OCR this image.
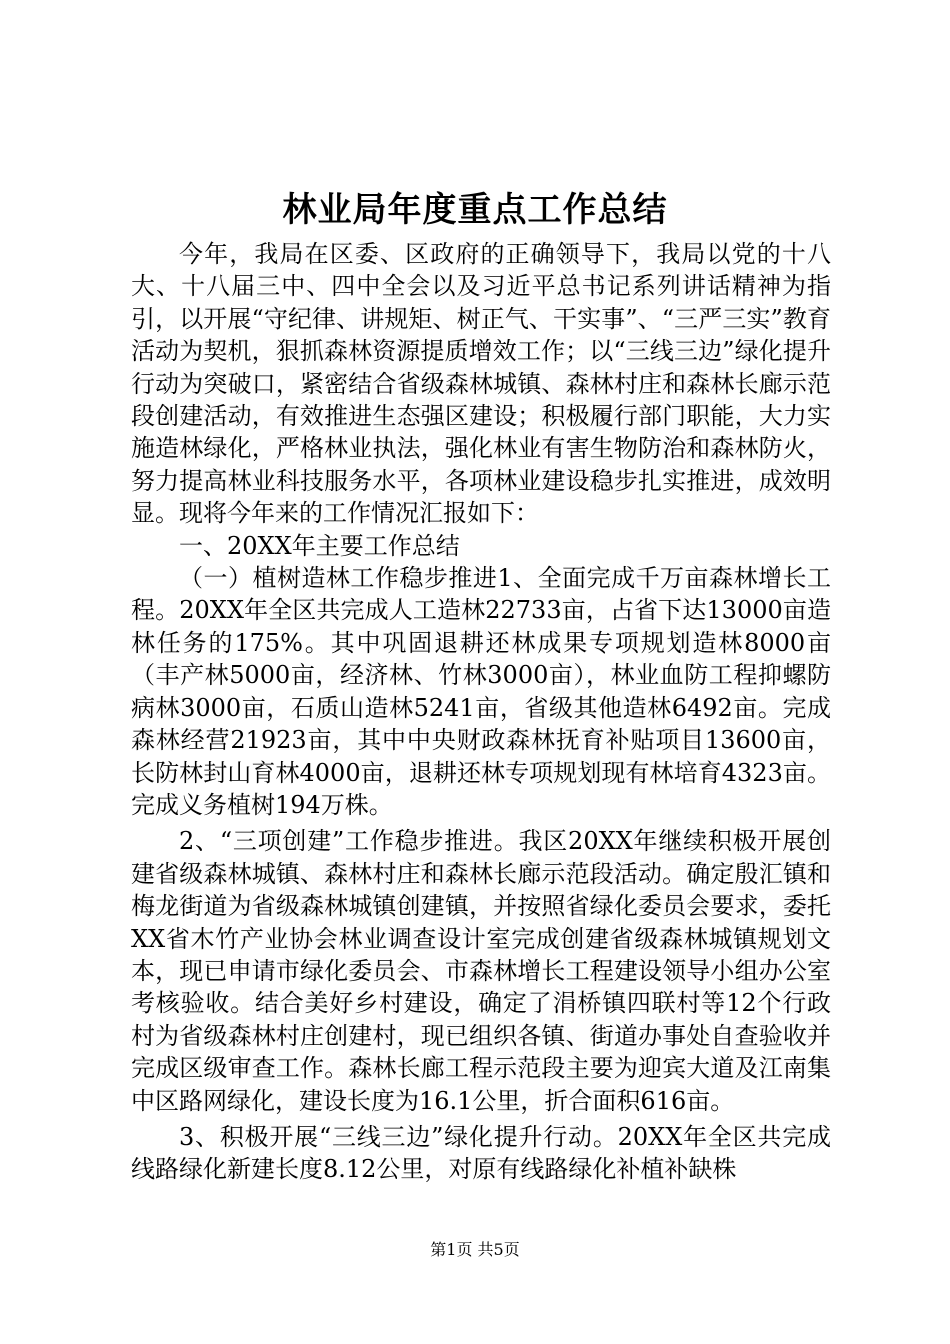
林业局年度重点工作总结

今年，我局在区委、区政府的正确领导下，我局以党的十八大、十八届三中、四中全会以及习近平总书记系列讲话精神为指引，以开展“守纪律、讲规矩、树正气、干实事”、“三严三实”教育活动为契机，狠抓森林资源提质增效工作；以“三线三边”绿化提升行动为突破口，紧密结合省级森林城镇、森林村庄和森林长廊示范段创建活动，有效推进生态强区建设；积极履行部门职能，大力实施造林绿化，严格林业执法，强化林业有害生物防治和森林防火，努力提高林业科技服务水平，各项林业建设稳步扎实推进，成效明显。现将今年来的工作情况汇报如下：

一、20XX年主要工作总结

（一）植树造林工作稳步推进1、全面完成千万亩森林增长工程。20XX年全区共完成人工造林22733亩，占省下达13000亩造林任务的175%。其中巩固退耕还林成果专项规划造林8000亩（丰产林5000亩，经济林、竹林3000亩），林业血防工程抑螺防病林3000亩，石质山造林5241亩，省级其他造林6492亩。完成森林经营21923亩，其中中央财政森林抚育补贴项目13600亩，长防林封山育林4000亩，退耕还林专项规划现有林培育4323亩。完成义务植树194万株。

2、“三项创建”工作稳步推进。我区20XX年继续积极开展创建省级森林城镇、森林村庄和森林长廊示范段活动。确定殷汇镇和梅龙街道为省级森林城镇创建镇，并按照省绿化委员会要求，委托XX省木竹产业协会林业调查设计室完成创建省级森林城镇规划文本，现已申请市绿化委员会、市森林增长工程建设领导小组办公室考核验收。结合美好乡村建设，确定了涓桥镇四联村等12个行政村为省级森林村庄创建村，现已组织各镇、街道办事处自查验收并完成区级审查工作。森林长廊工程示范段主要为迎宾大道及江南集中区路网绿化，建设长度为16.1公里，折合面积616亩。

3、积极开展“三线三边”绿化提升行动。20XX年全区共完成线路绿化新建长度8.12公里，对原有线路绿化补植补缺株

第1页 共5页
